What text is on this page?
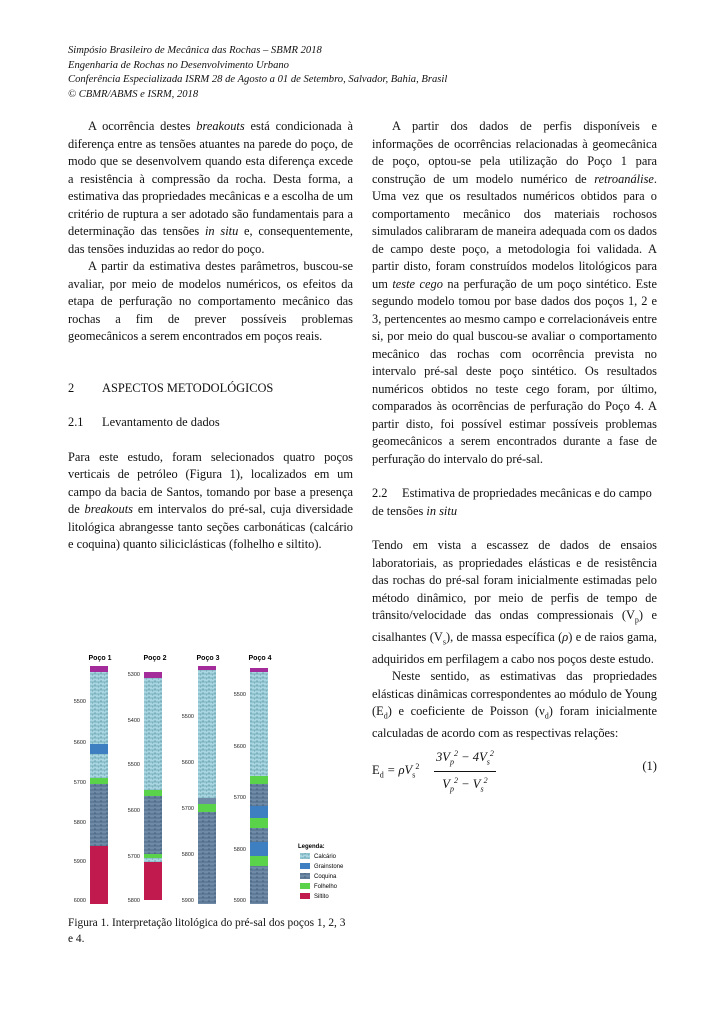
Simpósio Brasileiro de Mecânica das Rochas – SBMR 2018
Engenharia de Rochas no Desenvolvimento Urbano
Conferência Especializada ISRM 28 de Agosto a 01 de Setembro, Salvador, Bahia, Brasil
© CBMR/ABMS e ISRM, 2018

A ocorrência destes breakouts está condicionada à diferença entre as tensões atuantes na parede do poço, de modo que se desenvolvem quando esta diferença excede a resistência à compressão da rocha. Desta forma, a estimativa das propriedades mecânicas e a escolha de um critério de ruptura a ser adotado são fundamentais para a determinação das tensões in situ e, consequentemente, das tensões induzidas ao redor do poço.

A partir da estimativa destes parâmetros, buscou-se avaliar, por meio de modelos numéricos, os efeitos da etapa de perfuração no comportamento mecânico das rochas a fim de prever possíveis problemas geomecânicos a serem encontrados em poços reais.

2 ASPECTOS METODOLÓGICOS

2.1 Levantamento de dados

Para este estudo, foram selecionados quatro poços verticais de petróleo (Figura 1), localizados em um campo da bacia de Santos, tomando por base a presença de breakouts em intervalos do pré-sal, cuja diversidade litológica abrangesse tanto seções carbonáticas (calcário e coquina) quanto siliciclásticas (folhelho e siltito).

Poço 1	Poço 2	Poço 3	Poço 4
5500
5600
5700
5800
5900
6000
5300
5400
5500
5600
5700
5800
5500
5600
5700
5800
5900
5500
5600
5700
5800
5900
Legenda:
Calcário
Grainstone
Coquina
Folhelho
Siltito
Figura 1. Interpretação litológica do pré-sal dos poços 1, 2, 3 e 4.

A partir dos dados de perfis disponíveis e informações de ocorrências relacionadas à geomecânica de poço, optou-se pela utilização do Poço 1 para construção de um modelo numérico de retroanálise. Uma vez que os resultados numéricos obtidos para o comportamento mecânico dos materiais rochosos simulados calibraram de maneira adequada com os dados de campo deste poço, a metodologia foi validada. A partir disto, foram construídos modelos litológicos para um teste cego na perfuração de um poço sintético. Este segundo modelo tomou por base dados dos poços 1, 2 e 3, pertencentes ao mesmo campo e correlacionáveis entre si, por meio do qual buscou-se avaliar o comportamento mecânico das rochas com ocorrência prevista no intervalo pré-sal deste poço sintético. Os resultados numéricos obtidos no teste cego foram, por último, comparados às ocorrências de perfuração do Poço 4. A partir disto, foi possível estimar possíveis problemas geomecânicos a serem encontrados durante a fase de perfuração do intervalo do pré-sal.

2.2 Estimativa de propriedades mecânicas e do campo de tensões in situ

Tendo em vista a escassez de dados de ensaios laboratoriais, as propriedades elásticas e de resistência das rochas do pré-sal foram inicialmente estimadas pelo método dinâmico, por meio de perfis de tempo de trânsito/velocidade das ondas compressionais $(V_p)$ e cisalhantes $(V_s)$, de massa específica (ρ) e de raios gama, adquiridos em perfilagem a cabo nos poços deste estudo.

Neste sentido, as estimativas das propriedades elásticas dinâmicas correspondentes ao módulo de Young $(E_d)$ e coeficiente de Poisson $(\nu_d)$ foram inicialmente calculadas de acordo com as respectivas relações:

$E_d = \rho V_s^2 \frac{3V_p^2 - 4V_s^2}{V_p^2 - V_s^2}$	(1)
